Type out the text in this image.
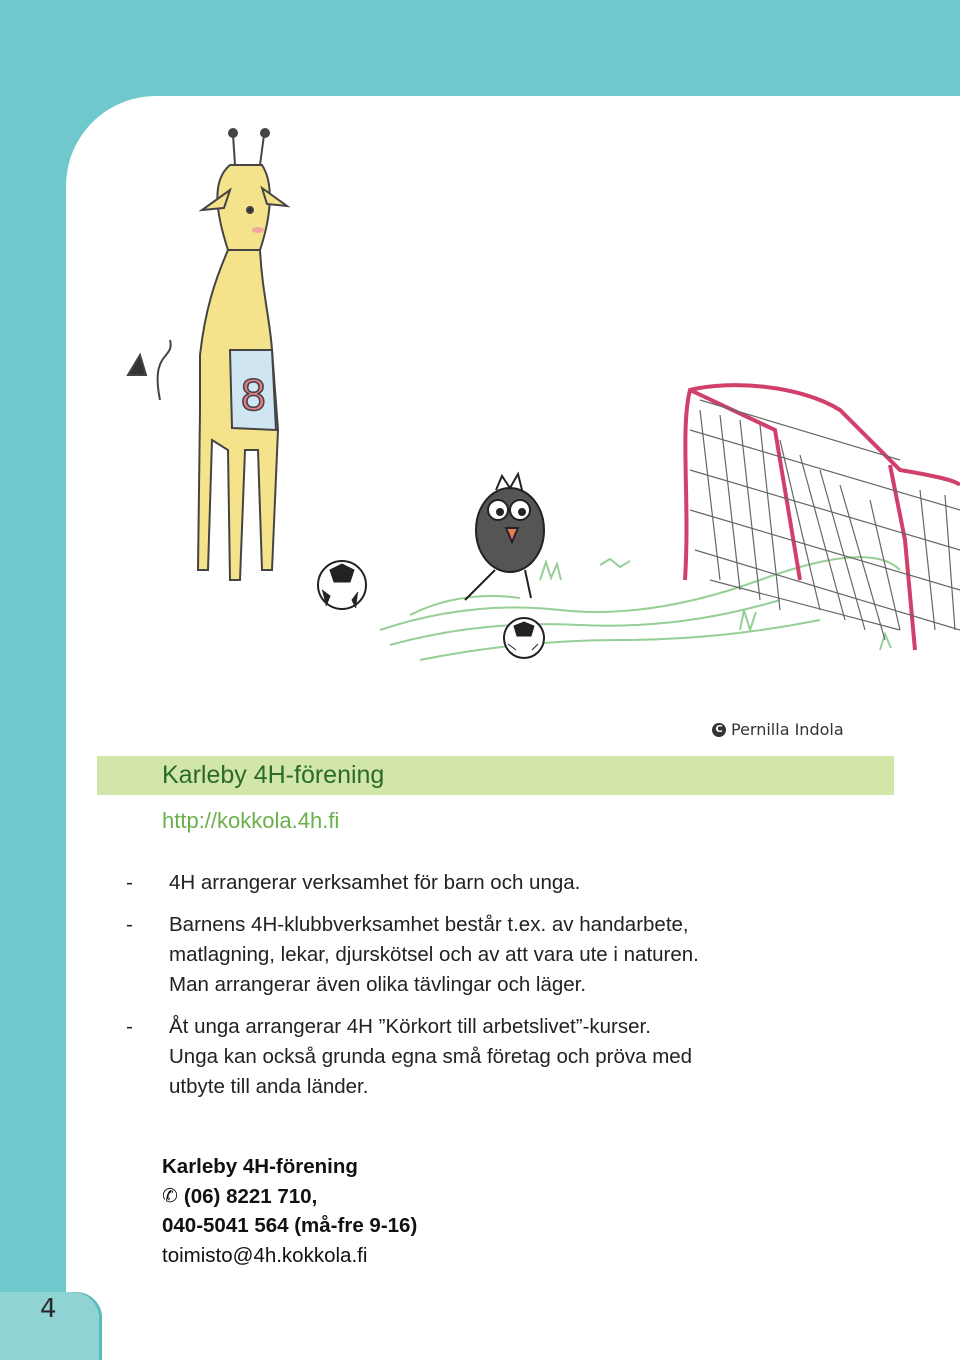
8
C Pernilla Indola
Karleby 4H-förening
http://kokkola.4h.fi
- 4H arrangerar verksamhet för barn och unga.
- Barnens 4H-klubbverksamhet består t.ex. av handarbete,
matlagning, lekar, djurskötsel och av att vara ute i naturen.
Man arrangerar även olika tävlingar och läger.
- Åt unga arrangerar 4H ”Körkort till arbetslivet”-kurser.
Unga kan också grunda egna små företag och pröva med
utbyte till anda länder.
Karleby 4H-förening
✆ (06) 8221 710,
040-5041 564 (må-fre 9-16)
toimisto@4h.kokkola.fi
4
